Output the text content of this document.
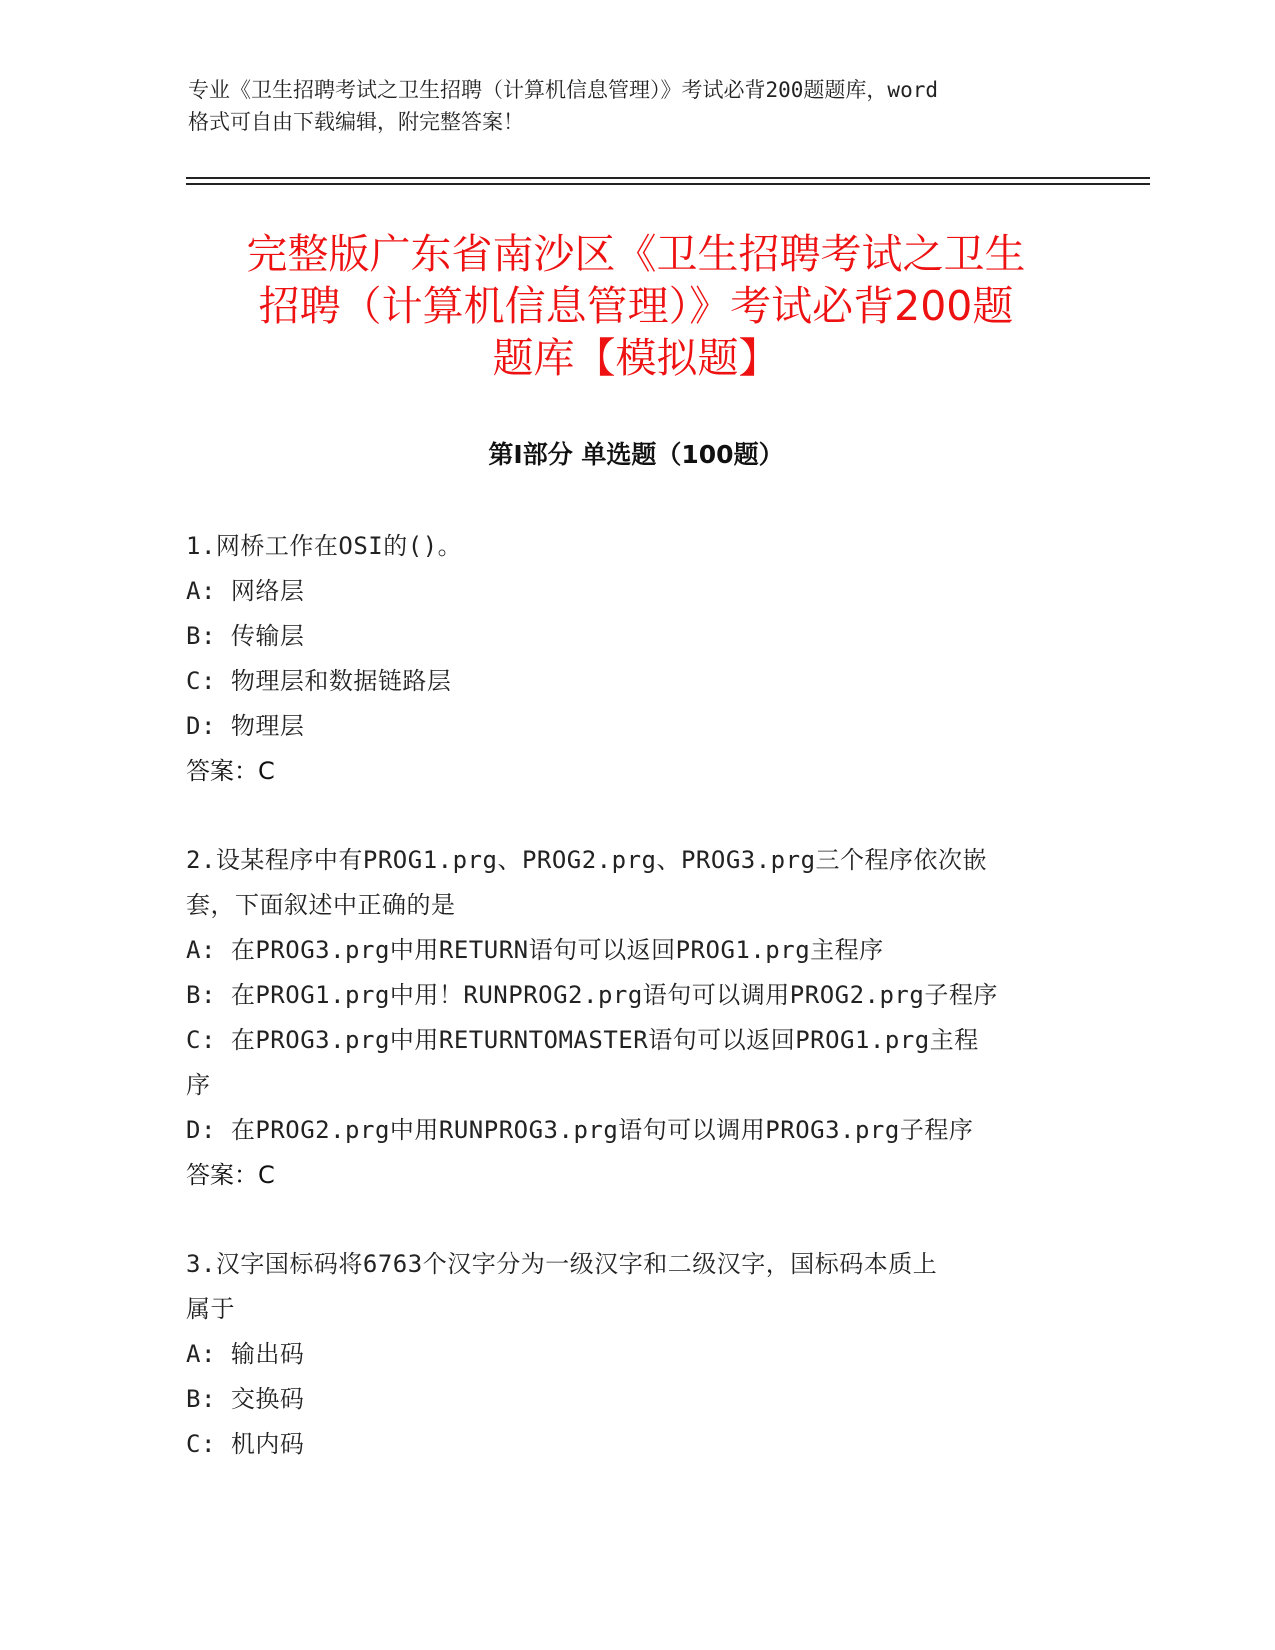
专业《卫生招聘考试之卫生招聘（计算机信息管理）》考试必背200题题库，word
格式可自由下载编辑，附完整答案！
完整版广东省南沙区《卫生招聘考试之卫生
招聘（计算机信息管理）》考试必背200题
题库【模拟题】
第Ⅰ部分 单选题（100题）
1.网桥工作在OSI的()。
A: 网络层
B: 传输层
C: 物理层和数据链路层
D: 物理层
答案：C
2.设某程序中有PROG1.prg、PROG2.prg、PROG3.prg三个程序依次嵌
套，下面叙述中正确的是
A: 在PROG3.prg中用RETURN语句可以返回PROG1.prg主程序
B: 在PROG1.prg中用！RUNPROG2.prg语句可以调用PROG2.prg子程序
C: 在PROG3.prg中用RETURNTOMASTER语句可以返回PROG1.prg主程
序
D: 在PROG2.prg中用RUNPROG3.prg语句可以调用PROG3.prg子程序
答案：C
3.汉字国标码将6763个汉字分为一级汉字和二级汉字，国标码本质上
属于
A: 输出码
B: 交换码
C: 机内码
